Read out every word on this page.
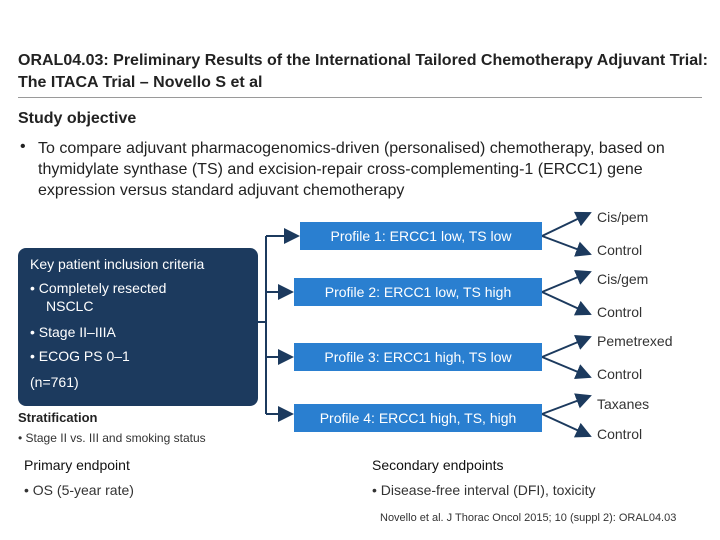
ORAL04.03: Preliminary Results of the International Tailored Chemotherapy Adjuvant Trial: The ITACA Trial – Novello S et al
Study objective
• To compare adjuvant pharmacogenomics-driven (personalised) chemotherapy, based on thymidylate synthase (TS) and excision-repair cross-complementing-1 (ERCC1) gene expression versus standard adjuvant chemotherapy
Key patient inclusion criteria
• Completely resected
NSCLC
• Stage II–IIIA
• ECOG PS 0–1
(n=761)
Stratification
• Stage II vs. III and smoking status
Profile 1: ERCC1 low, TS low
Profile 2: ERCC1 low, TS high
Profile 3: ERCC1 high, TS low
Profile 4: ERCC1 high, TS, high
Cis/pem
Control
Cis/gem
Control
Pemetrexed
Control
Taxanes
Control
Primary endpoint
• OS (5-year rate)
Secondary endpoints
• Disease-free interval (DFI), toxicity
Novello et al. J Thorac Oncol 2015; 10 (suppl 2): ORAL04.03
